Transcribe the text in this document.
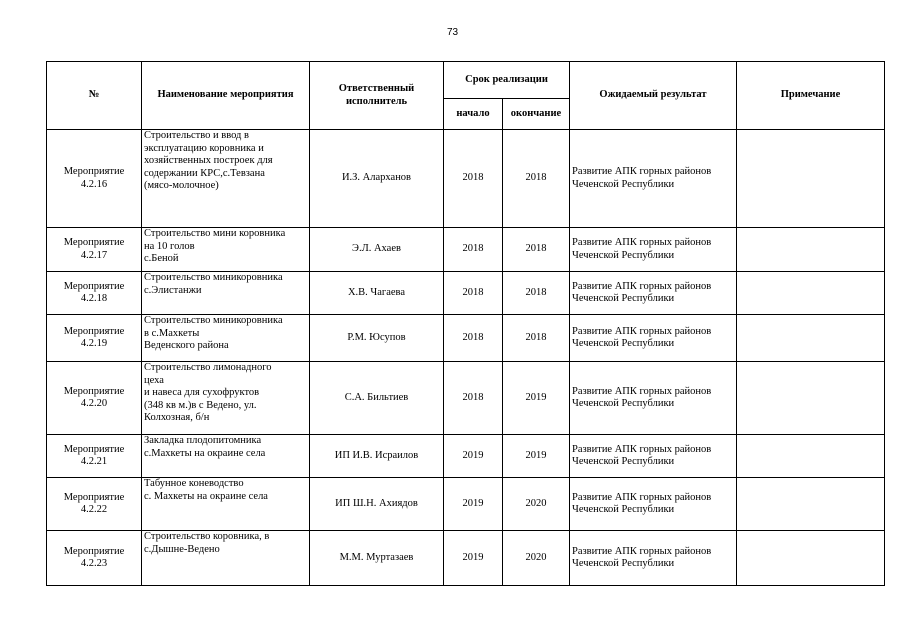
73
№	Наименование мероприятия	Ответственный
исполнитель	Срок реализации		Ожидаемый результат	Примечание
			начало	окончание		

Мероприятие
4.2.16	Строительство и ввод в
эксплуатацию коровника и
хозяйственных построек для
содержании КРС,с.Тевзана
(мясо-молочное)	И.З. Аларханов	2018	2018	Развитие АПК горных районов
Чеченской Республики	

Мероприятие
4.2.17	Строительство мини коровника
на 10 голов
с.Беной	Э.Л. Ахаев	2018	2018	Развитие АПК горных районов
Чеченской Республики	

Мероприятие
4.2.18	Строительство миникоровника
с.Элистанжи	Х.В. Чагаева	2018	2018	Развитие АПК горных районов
Чеченской Республики	

Мероприятие
4.2.19	Строительство миникоровника
в с.Махкеты
Веденского района	Р.М. Юсупов	2018	2018	Развитие АПК горных районов
Чеченской Республики	

Мероприятие
4.2.20	Строительство лимонадного
цеха
и навеса для сухофруктов
(348 кв м.)в с Ведено, ул.
Колхозная, б/н	С.А. Бильтиев	2018	2019	Развитие АПК горных районов
Чеченской Республики	

Мероприятие
4.2.21	Закладка плодопитомника
с.Махкеты на окраине села	ИП И.В. Исраилов	2019	2019	Развитие АПК горных районов
Чеченской Республики	

Мероприятие
4.2.22	Табунное коневодство
с. Махкеты на окраине села	ИП Ш.Н. Ахиядов	2019	2020	Развитие АПК горных районов
Чеченской Республики	

Мероприятие
4.2.23	Строительство коровника, в
с.Дышне-Ведено	М.М. Муртазаев	2019	2020	Развитие АПК горных районов
Чеченской Республики	
